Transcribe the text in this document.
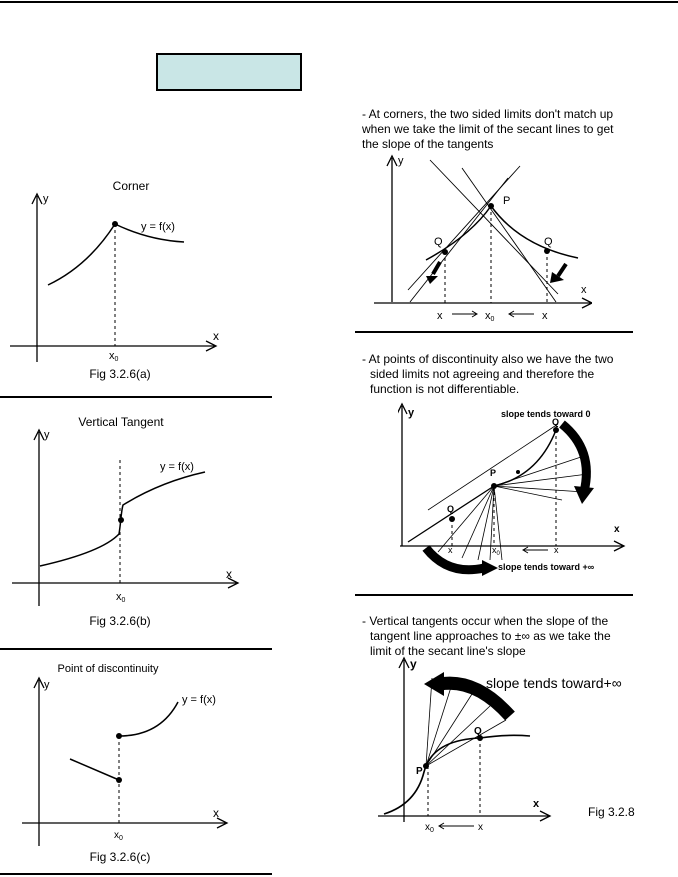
Corner
y
x
y = f(x)
x0
Fig 3.2.6(a)
Vertical Tangent
y
x
y = f(x)
x0
Fig 3.2.6(b)
Point of discontinuity
y
x
y = f(x)
$x_0$
Fig 3.2.6(c)
- At corners, the two sided limits don't match up
when we take the limit of the secant lines to get
the slope of the tangents
y
x
P
Q	Q
x	x0	x
- At points of discontinuity also we have the two
sided limits not agreeing and therefore the
function is not differentiable.
y
x
slope tends toward 0
Q
P
Q
x	$x_0$	x
slope tends toward +∞
- Vertical tangents occur when the slope of the
tangent line approaches to ±∞ as we take the
limit of the secant line's slope
y
x
slope tends toward+∞
Q
P
$x_0$	x
Fig 3.2.8
